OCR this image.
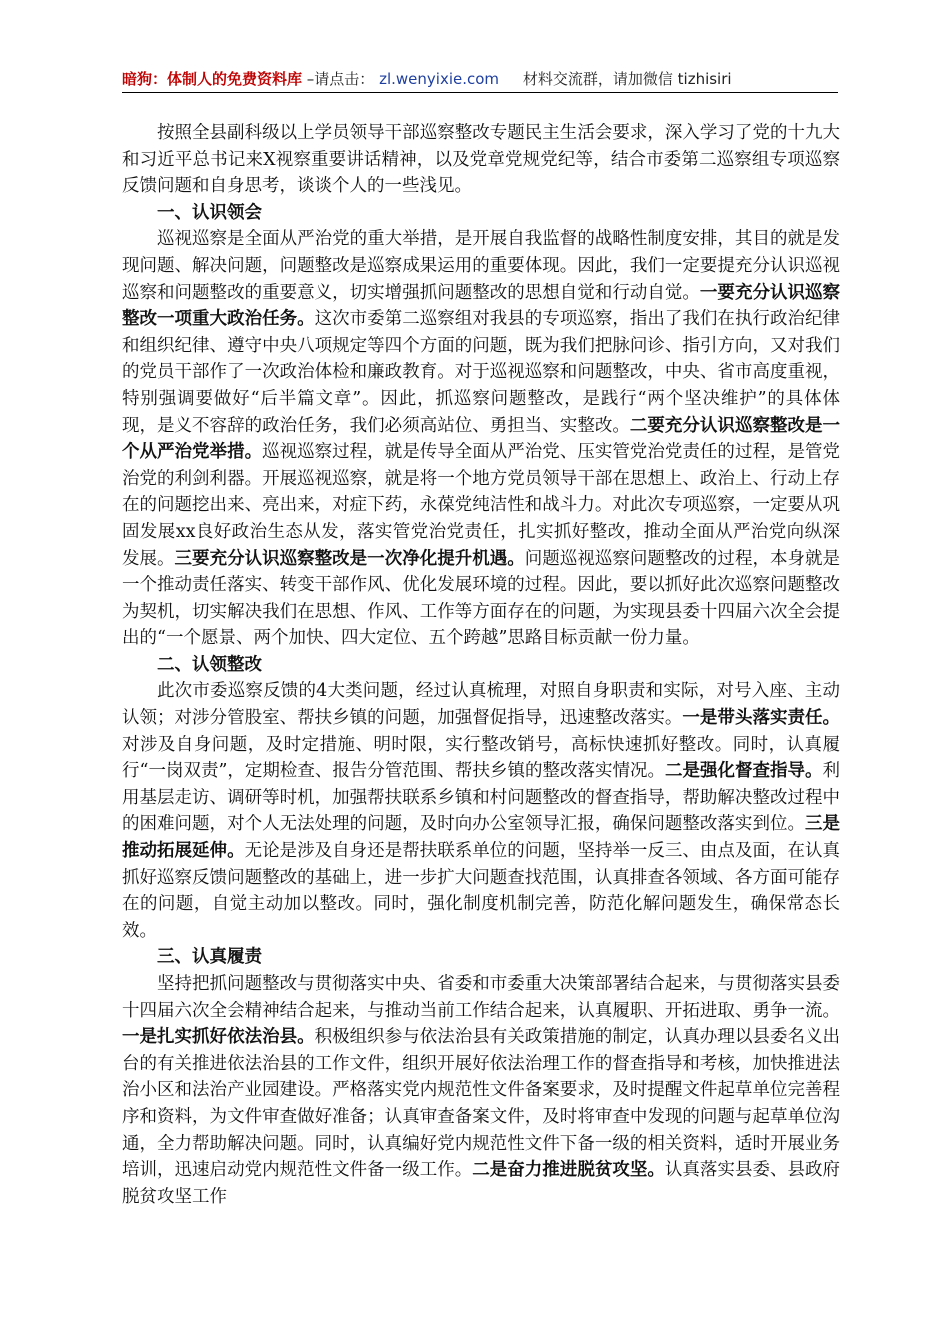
暗狗：体制人的免费资料库 –请点击： zl.wenyixie.com 材料交流群，请加微信 tizhisiri

按照全县副科级以上学员领导干部巡察整改专题民主生活会要求，深入学习了党的十九大和习近平总书记来X视察重要讲话精神，以及党章党规党纪等，结合市委第二巡察组专项巡察反馈问题和自身思考，谈谈个人的一些浅见。

一、认识领会

巡视巡察是全面从严治党的重大举措，是开展自我监督的战略性制度安排，其目的就是发现问题、解决问题，问题整改是巡察成果运用的重要体现。因此，我们一定要提充分认识巡视巡察和问题整改的重要意义，切实增强抓问题整改的思想自觉和行动自觉。一要充分认识巡察整改一项重大政治任务。这次市委第二巡察组对我县的专项巡察，指出了我们在执行政治纪律和组织纪律、遵守中央八项规定等四个方面的问题，既为我们把脉问诊、指引方向，又对我们的党员干部作了一次政治体检和廉政教育。对于巡视巡察和问题整改，中央、省市高度重视，特别强调要做好“后半篇文章”。因此，抓巡察问题整改，是践行“两个坚决维护”的具体体现，是义不容辞的政治任务，我们必须高站位、勇担当、实整改。二要充分认识巡察整改是一个从严治党举措。巡视巡察过程，就是传导全面从严治党、压实管党治党责任的过程，是管党治党的利剑利器。开展巡视巡察，就是将一个地方党员领导干部在思想上、政治上、行动上存在的问题挖出来、亮出来，对症下药，永葆党纯洁性和战斗力。对此次专项巡察，一定要从巩固发展xx良好政治生态从发，落实管党治党责任，扎实抓好整改，推动全面从严治党向纵深发展。三要充分认识巡察整改是一次净化提升机遇。问题巡视巡察问题整改的过程，本身就是一个推动责任落实、转变干部作风、优化发展环境的过程。因此，要以抓好此次巡察问题整改为契机，切实解决我们在思想、作风、工作等方面存在的问题，为实现县委十四届六次全会提出的“一个愿景、两个加快、四大定位、五个跨越”思路目标贡献一份力量。

二、认领整改

此次市委巡察反馈的4大类问题，经过认真梳理，对照自身职责和实际，对号入座、主动认领；对涉分管股室、帮扶乡镇的问题，加强督促指导，迅速整改落实。一是带头落实责任。对涉及自身问题，及时定措施、明时限，实行整改销号，高标快速抓好整改。同时，认真履行“一岗双责”，定期检查、报告分管范围、帮扶乡镇的整改落实情况。二是强化督查指导。利用基层走访、调研等时机，加强帮扶联系乡镇和村问题整改的督查指导，帮助解决整改过程中的困难问题，对个人无法处理的问题，及时向办公室领导汇报，确保问题整改落实到位。三是推动拓展延伸。无论是涉及自身还是帮扶联系单位的问题，坚持举一反三、由点及面，在认真抓好巡察反馈问题整改的基础上，进一步扩大问题查找范围，认真排查各领域、各方面可能存在的问题，自觉主动加以整改。同时，强化制度机制完善，防范化解问题发生，确保常态长效。

三、认真履责

坚持把抓问题整改与贯彻落实中央、省委和市委重大决策部署结合起来，与贯彻落实县委十四届六次全会精神结合起来，与推动当前工作结合起来，认真履职、开拓进取、勇争一流。一是扎实抓好依法治县。积极组织参与依法治县有关政策措施的制定，认真办理以县委名义出台的有关推进依法治县的工作文件，组织开展好依法治理工作的督查指导和考核，加快推进法治小区和法治产业园建设。严格落实党内规范性文件备案要求，及时提醒文件起草单位完善程序和资料，为文件审查做好准备；认真审查备案文件，及时将审查中发现的问题与起草单位沟通，全力帮助解决问题。同时，认真编好党内规范性文件下备一级的相关资料，适时开展业务培训，迅速启动党内规范性文件备一级工作。二是奋力推进脱贫攻坚。认真落实县委、县政府脱贫攻坚工作
